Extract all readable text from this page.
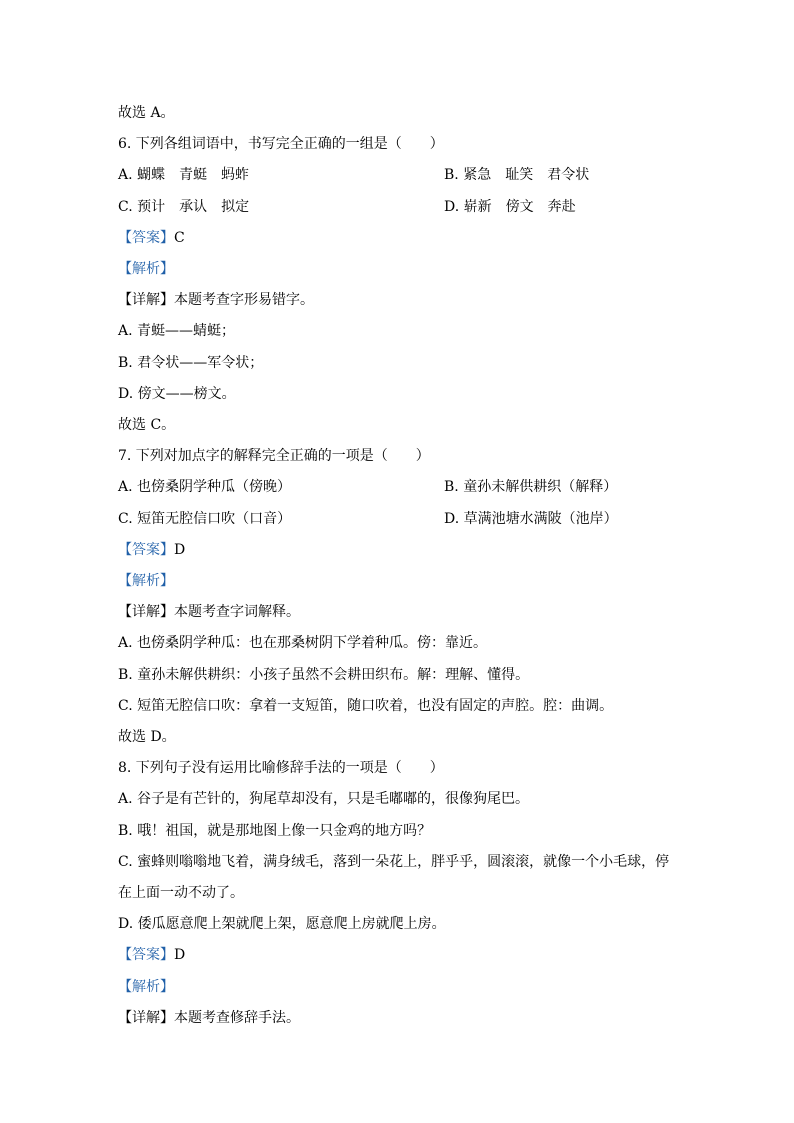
故选 A。
6. 下列各组词语中，书写完全正确的一组是（　　）
A. 蝴蝶　青蜓　蚂蚱	B. 紧急　耻笑　君令状
C. 预计　承认　拟定	D. 崭新　傍文　奔赴
【答案】C
【解析】
【详解】本题考查字形易错字。
A. 青蜓——蜻蜓；
B. 君令状——军令状；
D. 傍文——榜文。
故选 C。
7. 下列对加点字的解释完全正确的一项是（　　）
A. 也傍桑阴学种瓜（傍晚）	B. 童孙未解供耕织（解释）
C. 短笛无腔信口吹（口音）	D. 草满池塘水满陂（池岸）
【答案】D
【解析】
【详解】本题考查字词解释。
A. 也傍桑阴学种瓜：也在那桑树阴下学着种瓜。傍：靠近。
B. 童孙未解供耕织：小孩子虽然不会耕田织布。解：理解、懂得。
C. 短笛无腔信口吹：拿着一支短笛，随口吹着，也没有固定的声腔。腔：曲调。
故选 D。
8. 下列句子没有运用比喻修辞手法的一项是（　　）
A. 谷子是有芒针的，狗尾草却没有，只是毛嘟嘟的，很像狗尾巴。
B. 哦！祖国，就是那地图上像一只金鸡的地方吗？
C. 蜜蜂则嗡嗡地飞着，满身绒毛，落到一朵花上，胖乎乎，圆滚滚，就像一个小毛球，停
在上面一动不动了。
D. 倭瓜愿意爬上架就爬上架，愿意爬上房就爬上房。
【答案】D
【解析】
【详解】本题考查修辞手法。
